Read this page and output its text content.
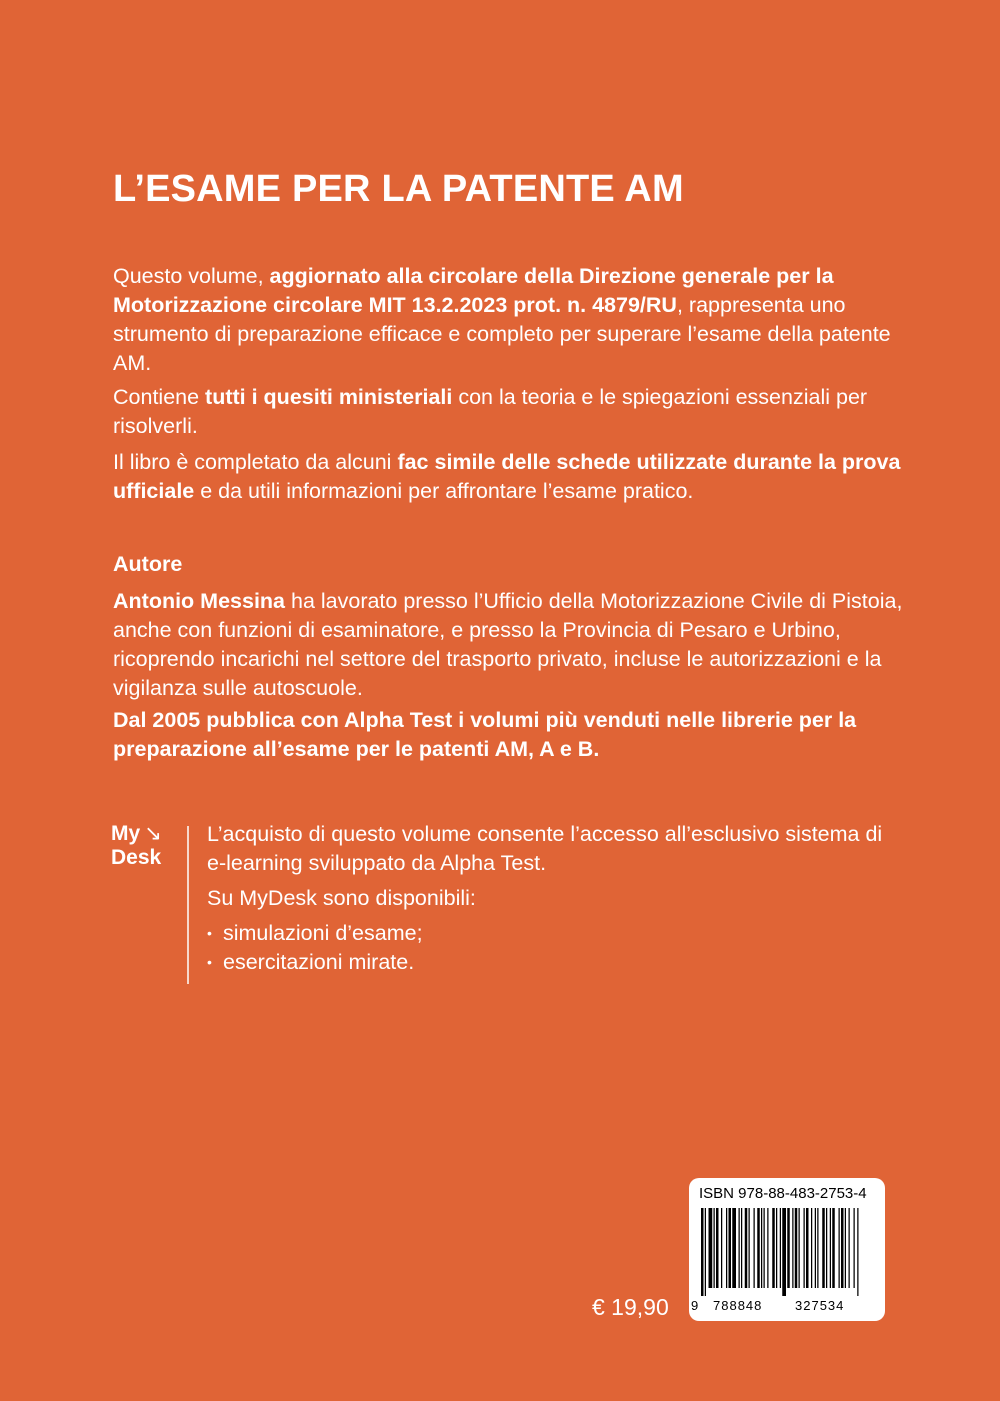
L’ESAME PER LA PATENTE AM

Questo volume, aggiornato alla circolare della Direzione generale per la Motorizzazione circolare MIT 13.2.2023 prot. n. 4879/RU, rappresenta uno strumento di preparazione efficace e completo per superare l’esame della patente AM.

Contiene tutti i quesiti ministeriali con la teoria e le spiegazioni essenziali per risolverli.

Il libro è completato da alcuni fac simile delle schede utilizzate durante la prova ufficiale e da utili informazioni per affrontare l’esame pratico.

Autore

Antonio Messina ha lavorato presso l’Ufficio della Motorizzazione Civile di Pistoia, anche con funzioni di esaminatore, e presso la Provincia di Pesaro e Urbino, ricoprendo incarichi nel settore del trasporto privato, incluse le autorizzazioni e la vigilanza sulle autoscuole.

Dal 2005 pubblica con Alpha Test i volumi più venduti nelle librerie per la preparazione all’esame per le patenti AM, A e B.
My ↘
Desk

L’acquisto di questo volume consente l’accesso all’esclusivo sistema di e-learning sviluppato da Alpha Test.

Su MyDesk sono disponibili:

• simulazioni d’esame;
• esercitazioni mirate.
€ 19,90
ISBN 978-88-483-2753-4
9 788848	327534
